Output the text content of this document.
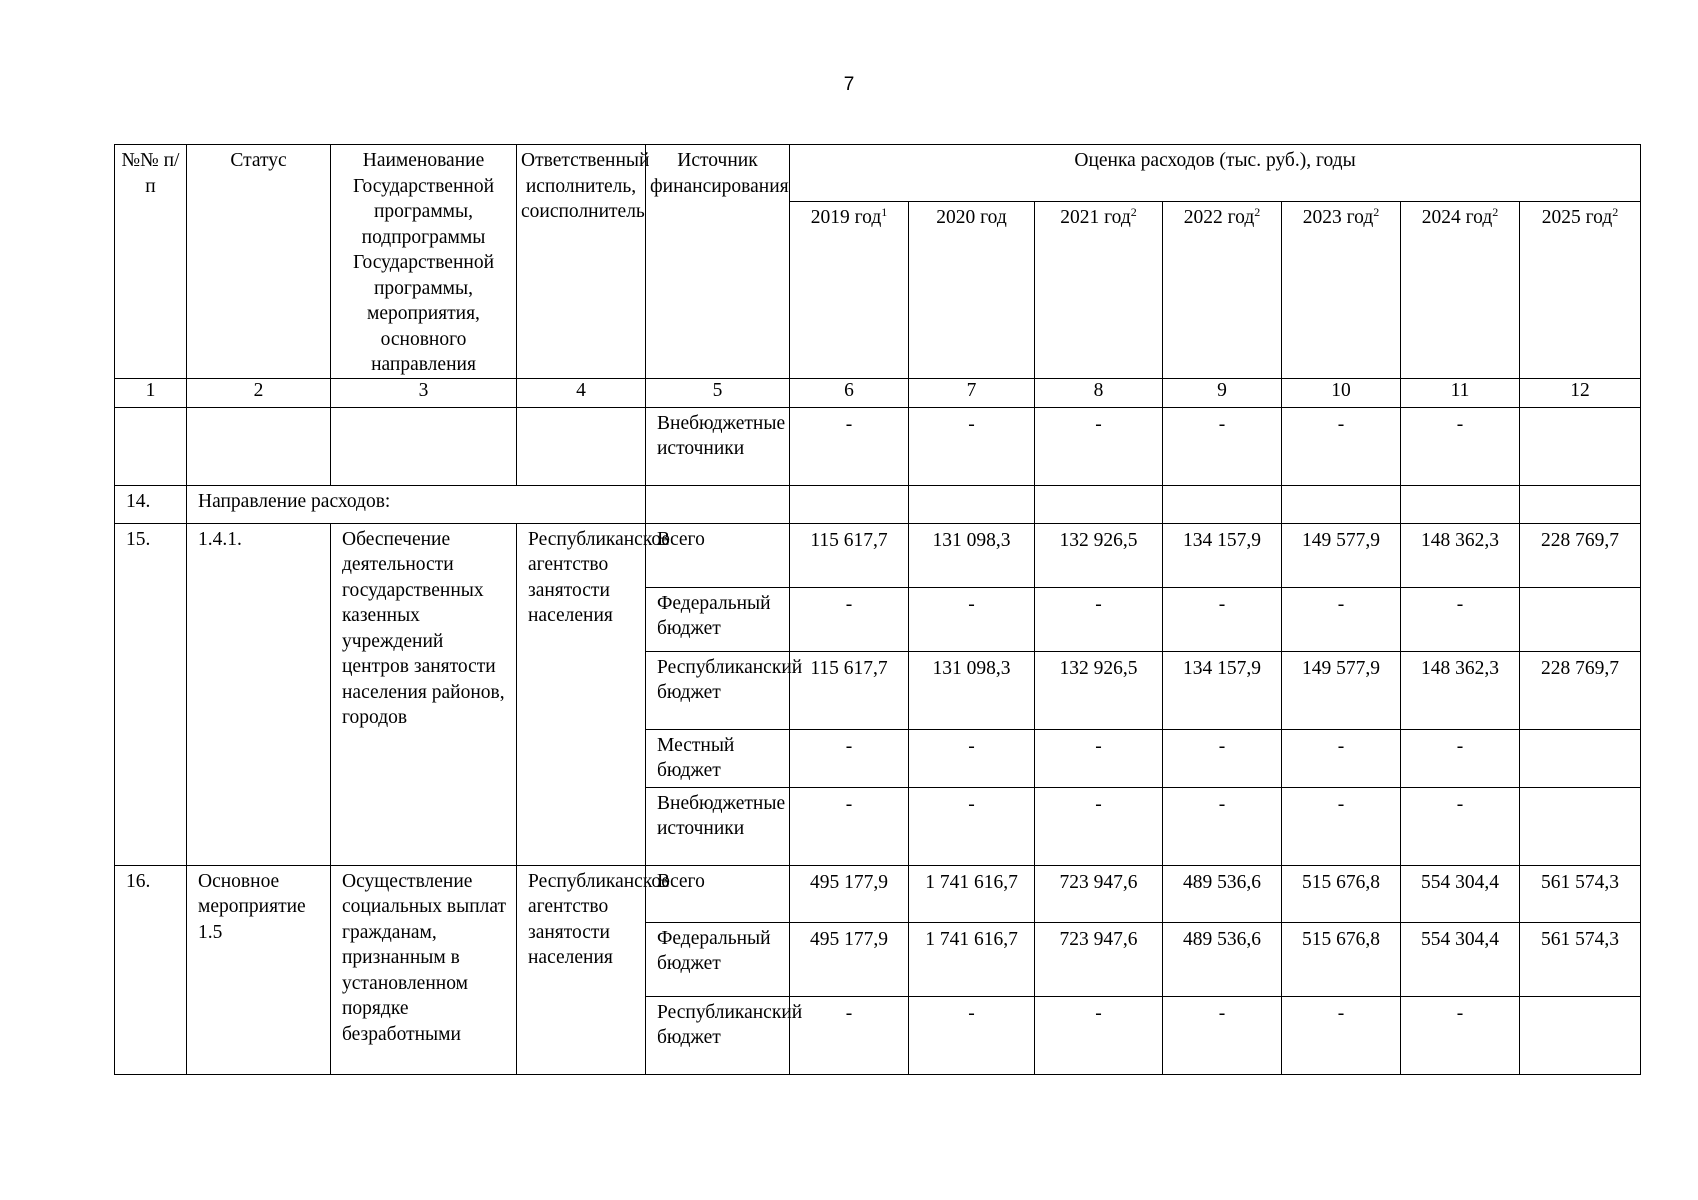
7
№№ п/п	Статус	Наименование Государственной программы, подпрограммы Государственной программы, мероприятия, основного направления	Ответственный исполнитель, соисполнитель	Источник финансирования	Оценка расходов (тыс. руб.), годы						
					2019 год$^1$	2020 год	2021 год$^2$	2022 год$^2$	2023 год$^2$	2024 год$^2$	2025 год$^2$
1	2	3	4	5	6	7	8	9	10	11	12
				Внебюджетные источники	-	-	-	-	-	-	
14.	Направление расходов:										
15.	1.4.1.	Обеспечение деятельности государственных казенных учреждений центров занятости населения районов, городов	Республиканское агентство занятости населения	Всего	115 617,7	131 098,3	132 926,5	134 157,9	149 577,9	148 362,3	228 769,7
				Федеральный бюджет	-	-	-	-	-	-	
				Республиканский бюджет	115 617,7	131 098,3	132 926,5	134 157,9	149 577,9	148 362,3	228 769,7
				Местный бюджет	-	-	-	-	-	-	
				Внебюджетные источники	-	-	-	-	-	-	
16.	Основное мероприятие 1.5	Осуществление социальных выплат гражданам, признанным в установленном порядке безработными	Республиканское агентство занятости населения	Всего	495 177,9	1 741 616,7	723 947,6	489 536,6	515 676,8	554 304,4	561 574,3
				Федеральный бюджет	495 177,9	1 741 616,7	723 947,6	489 536,6	515 676,8	554 304,4	561 574,3
				Республиканский бюджет	-	-	-	-	-	-	
